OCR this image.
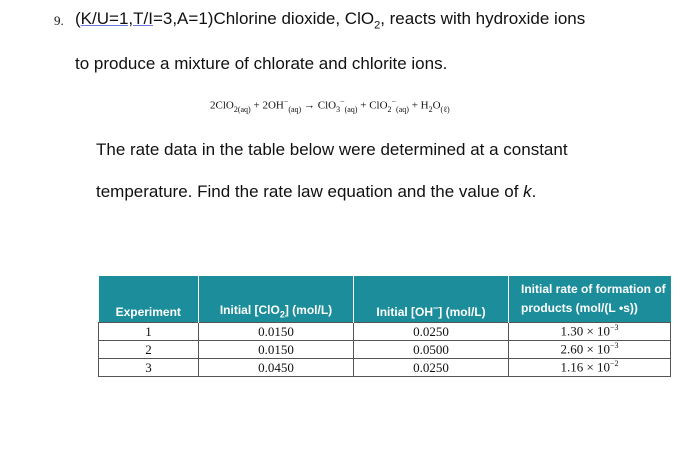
9. (K/U=1,T/I=3,A=1)Chlorine dioxide, ClO$_2$, reacts with hydroxide ions
to produce a mixture of chlorate and chlorite ions.
$2ClO_{2(aq)} + 2OH^-_{(aq)} \to ClO_3^-_{(aq)} + ClO_2^-_{(aq)} + H_2O_{(\ell)}$
The rate data in the table below were determined at a constant
temperature. Find the rate law equation and the value of k.
Experiment	Initial [ClO$_2$] (mol/L)	Initial [OH−] (mol/L)	Initial rate of formation of
products (mol/(L •s))
1	0.0150	0.0250	$1.30 \times 10^{-3}$
2	0.0150	0.0500	$2.60 \times 10^{-3}$
3	0.0450	0.0250	$1.16 \times 10^{-2}$
